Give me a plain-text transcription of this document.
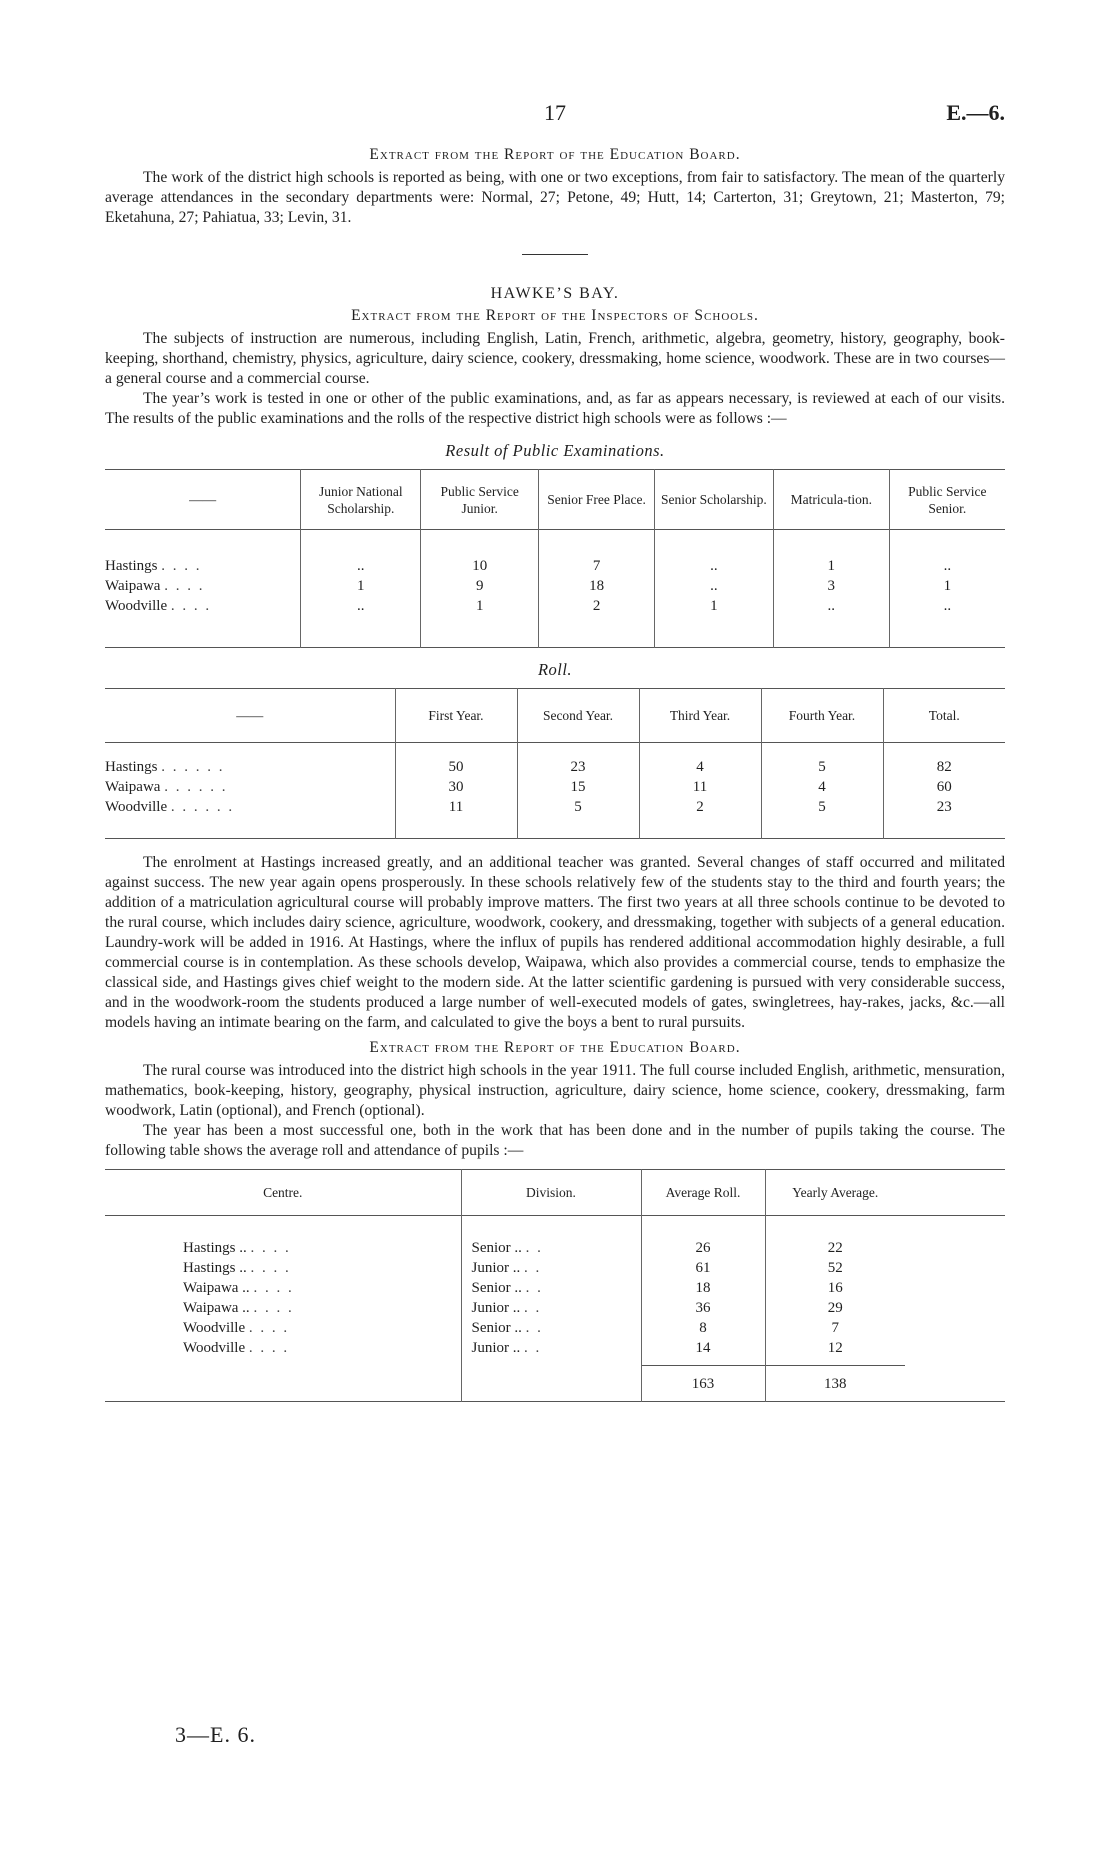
17	E.—6.
Extract from the Report of the Education Board.

The work of the district high schools is reported as being, with one or two exceptions, from fair to satisfactory. The mean of the quarterly average attendances in the secondary departments were: Normal, 27; Petone, 49; Hutt, 14; Carterton, 31; Greytown, 21; Masterton, 79; Eketahuna, 27; Pahiatua, 33; Levin, 31.

HAWKE’S BAY.
Extract from the Report of the Inspectors of Schools.

The subjects of instruction are numerous, including English, Latin, French, arithmetic, algebra, geometry, history, geography, book-keeping, shorthand, chemistry, physics, agriculture, dairy science, cookery, dressmaking, home science, woodwork. These are in two courses—a general course and a commercial course.

The year’s work is tested in one or other of the public examinations, and, as far as appears necessary, is reviewed at each of our visits. The results of the public examinations and the rolls of the respective district high schools were as follows :—

Result of Public Examinations.
——	Junior National Scholarship.	Public Service Junior.	Senior Free Place.	Senior Scholarship.	Matricula-tion.	Public Service Senior.

Hastings . . . .	..	10	7	..	1	..
Waipawa . . . .	1	9	18	..	3	1
Woodville . . . .	..	1	2	1	..	..

Roll.
——	First Year.	Second Year.	Third Year.	Fourth Year.	Total.

Hastings . . . . . .	50	23	4	5	82
Waipawa . . . . . .	30	15	11	4	60
Woodville . . . . . .	11	5	2	5	23

The enrolment at Hastings increased greatly, and an additional teacher was granted. Several changes of staff occurred and militated against success. The new year again opens prosperously. In these schools relatively few of the students stay to the third and fourth years; the addition of a matriculation agricultural course will probably improve matters. The first two years at all three schools continue to be devoted to the rural course, which includes dairy science, agriculture, woodwork, cookery, and dressmaking, together with subjects of a general education. Laundry-work will be added in 1916. At Hastings, where the influx of pupils has rendered additional accommodation highly desirable, a full commercial course is in contemplation. As these schools develop, Waipawa, which also provides a commercial course, tends to emphasize the classical side, and Hastings gives chief weight to the modern side. At the latter scientific gardening is pursued with very considerable success, and in the woodwork-room the students produced a large number of well-executed models of gates, swingletrees, hay-rakes, jacks, &c.—all models having an intimate bearing on the farm, and calculated to give the boys a bent to rural pursuits.

Extract from the Report of the Education Board.

The rural course was introduced into the district high schools in the year 1911. The full course included English, arithmetic, mensuration, mathematics, book-keeping, history, geography, physical instruction, agriculture, dairy science, home science, cookery, dressmaking, farm woodwork, Latin (optional), and French (optional).

The year has been a most successful one, both in the work that has been done and in the number of pupils taking the course. The following table shows the average roll and attendance of pupils :—

Centre.	Division.	Average Roll.	Yearly Average.	

Hastings .. . . . .	Senior .. . .	26	22	
Hastings .. . . . .	Junior .. . .	61	52	
Waipawa .. . . . .	Senior .. . .	18	16	
Waipawa .. . . . .	Junior .. . .	36	29	
Woodville . . . .	Senior .. . .	8	7	
Woodville . . . .	Junior .. . .	14	12	

		163	138	
3—E. 6.
